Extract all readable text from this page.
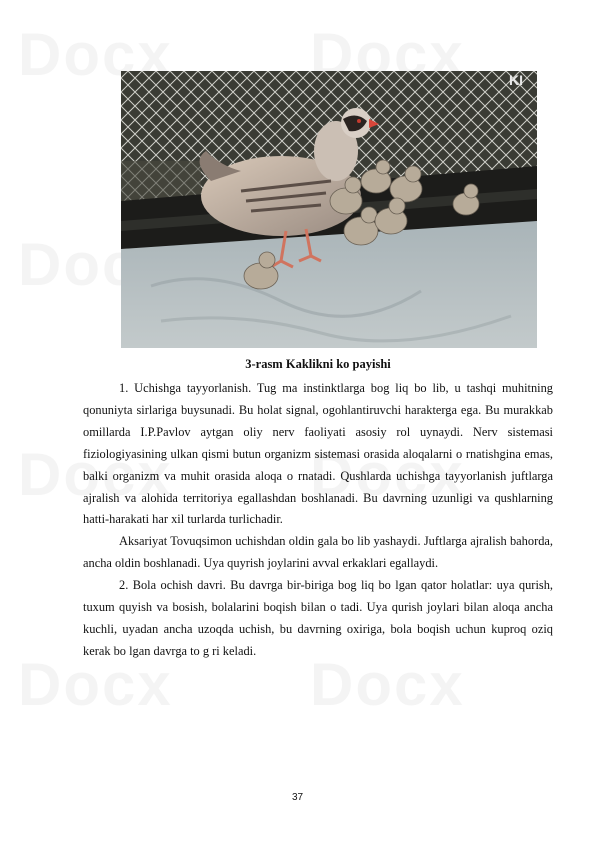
KI
3-rasm Kaklikni ko payishi

1. Uchishga tayyorlanish. Tug ma instinktlarga bog liq bo lib, u tashqi muhitning qonuniyta sirlariga buysunadi. Bu holat signal, ogohlantiruvchi harakterga ega. Bu murakkab omillarda I.P.Pavlov aytgan oliy nerv faoliyati asosiy rol uynaydi. Nerv sistemasi fiziologiyasining ulkan qismi butun organizm sistemasi orasida aloqalarni o rnatishgina emas, balki organizm va muhit orasida aloqa o rnatadi. Qushlarda uchishga tayyorlanish juftlarga ajralish va alohida territoriya egallashdan boshlanadi. Bu davrning uzunligi va qushlarning hatti-harakati har xil turlarda turlichadir.

Aksariyat Tovuqsimon uchishdan oldin gala bo lib yashaydi. Juftlarga ajralish bahorda, ancha oldin boshlanadi. Uya quyrish joylarini avval erkaklari egallaydi.

2. Bola ochish davri. Bu davrga bir-biriga bog liq bo lgan qator holatlar: uya qurish, tuxum quyish va bosish, bolalarini boqish bilan o tadi. Uya qurish joylari bilan aloqa ancha kuchli, uyadan ancha uzoqda uchish, bu davrning oxiriga, bola boqish uchun kuproq oziq kerak bo lgan davrga to g ri keladi.

37
